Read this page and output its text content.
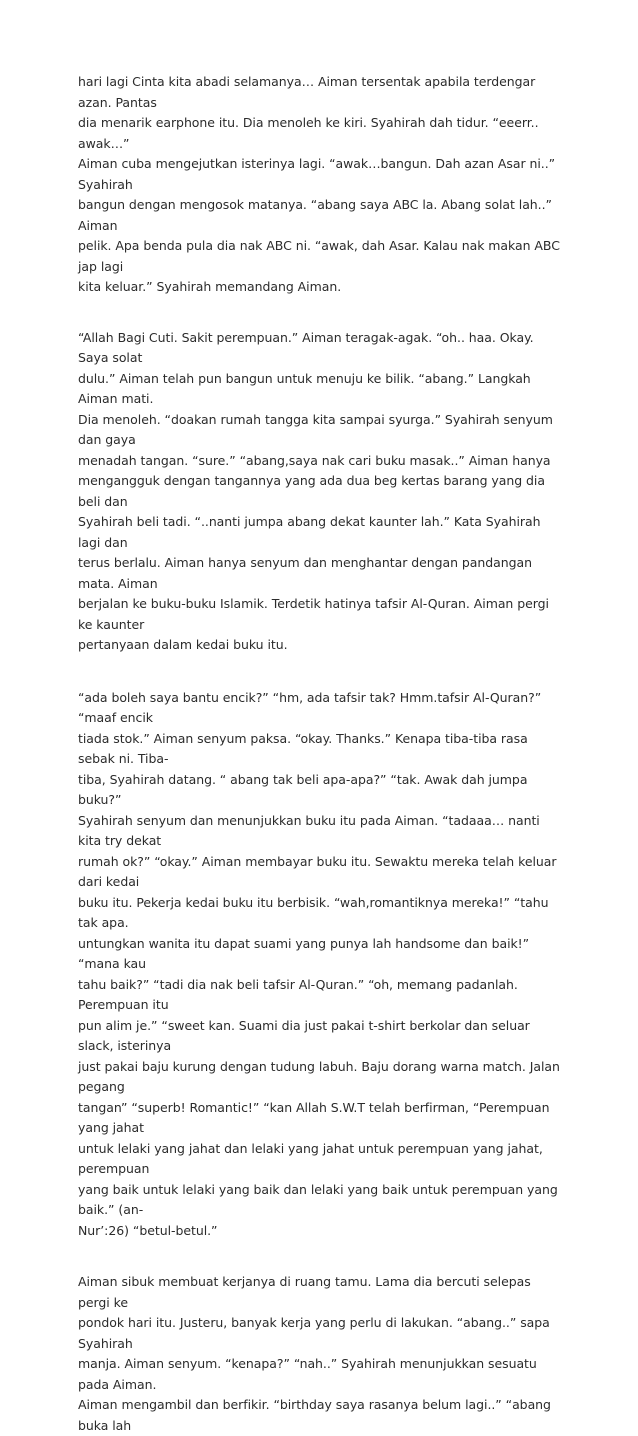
hari lagi Cinta kita abadi selamanya… Aiman tersentak apabila terdengar azan. Pantas
dia menarik earphone itu. Dia menoleh ke kiri. Syahirah dah tidur. “eeerr.. awak…”
Aiman cuba mengejutkan isterinya lagi. “awak…bangun. Dah azan Asar ni..” Syahirah
bangun dengan mengosok matanya. “abang saya ABC la. Abang solat lah..” Aiman
pelik. Apa benda pula dia nak ABC ni. “awak, dah Asar. Kalau nak makan ABC jap lagi
kita keluar.” Syahirah memandang Aiman.

“Allah Bagi Cuti. Sakit perempuan.” Aiman teragak-agak. “oh.. haa. Okay. Saya solat
dulu.” Aiman telah pun bangun untuk menuju ke bilik. “abang.” Langkah Aiman mati.
Dia menoleh. “doakan rumah tangga kita sampai syurga.” Syahirah senyum dan gaya
menadah tangan. “sure.” “abang,saya nak cari buku masak..” Aiman hanya
mengangguk dengan tangannya yang ada dua beg kertas barang yang dia beli dan
Syahirah beli tadi. “..nanti jumpa abang dekat kaunter lah.” Kata Syahirah lagi dan
terus berlalu. Aiman hanya senyum dan menghantar dengan pandangan mata. Aiman
berjalan ke buku-buku Islamik. Terdetik hatinya tafsir Al-Quran. Aiman pergi ke kaunter
pertanyaan dalam kedai buku itu.

“ada boleh saya bantu encik?” “hm, ada tafsir tak? Hmm.tafsir Al-Quran?” “maaf encik
tiada stok.” Aiman senyum paksa. “okay. Thanks.” Kenapa tiba-tiba rasa sebak ni. Tiba-
tiba, Syahirah datang. “ abang tak beli apa-apa?” “tak. Awak dah jumpa buku?”
Syahirah senyum dan menunjukkan buku itu pada Aiman. “tadaaa… nanti kita try dekat
rumah ok?” “okay.” Aiman membayar buku itu. Sewaktu mereka telah keluar dari kedai
buku itu. Pekerja kedai buku itu berbisik. “wah,romantiknya mereka!” “tahu tak apa.
untungkan wanita itu dapat suami yang punya lah handsome dan baik!” “mana kau
tahu baik?” “tadi dia nak beli tafsir Al-Quran.” “oh, memang padanlah. Perempuan itu
pun alim je.” “sweet kan. Suami dia just pakai t-shirt berkolar dan seluar slack, isterinya
just pakai baju kurung dengan tudung labuh. Baju dorang warna match. Jalan pegang
tangan” “superb! Romantic!” “kan Allah S.W.T telah berfirman, “Perempuan yang jahat
untuk lelaki yang jahat dan lelaki yang jahat untuk perempuan yang jahat, perempuan
yang baik untuk lelaki yang baik dan lelaki yang baik untuk perempuan yang baik.” (an-
Nur’:26) “betul-betul.”

Aiman sibuk membuat kerjanya di ruang tamu. Lama dia bercuti selepas pergi ke
pondok hari itu. Justeru, banyak kerja yang perlu di lakukan. “abang..” sapa Syahirah
manja. Aiman senyum. “kenapa?” “nah..” Syahirah menunjukkan sesuatu pada Aiman.
Aiman mengambil dan berfikir. “birthday saya rasanya belum lagi..” “abang buka lah
